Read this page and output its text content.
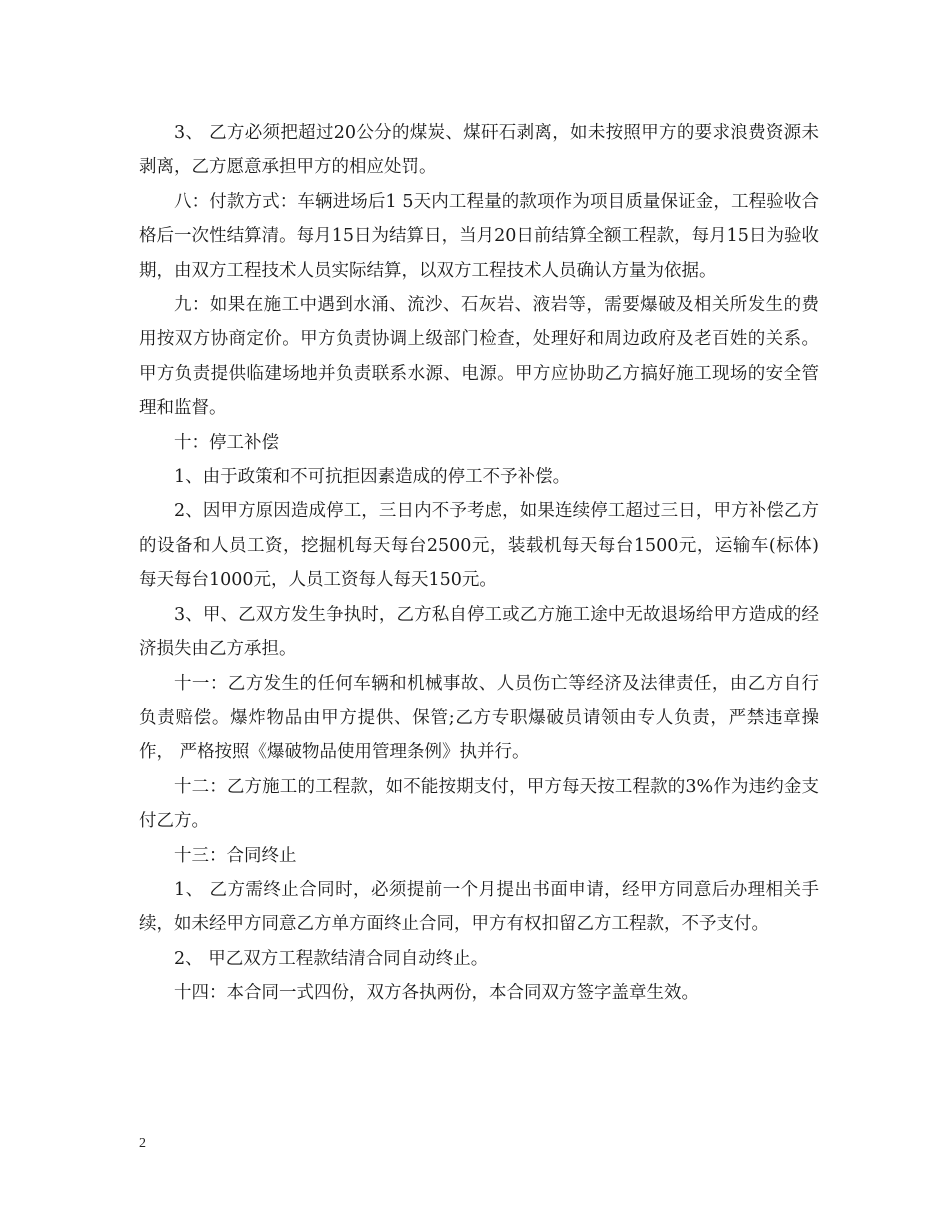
3、 乙方必须把超过20公分的煤炭、煤矸石剥离，如未按照甲方的要求浪费资源未剥离，乙方愿意承担甲方的相应处罚。

八：付款方式：车辆进场后1 5天内工程量的款项作为项目质量保证金，工程验收合格后一次性结算清。每月15日为结算日，当月20日前结算全额工程款，每月15日为验收期，由双方工程技术人员实际结算，以双方工程技术人员确认方量为依据。

九：如果在施工中遇到水涌、流沙、石灰岩、液岩等，需要爆破及相关所发生的费用按双方协商定价。甲方负责协调上级部门检查，处理好和周边政府及老百姓的关系。甲方负责提供临建场地并负责联系水源、电源。甲方应协助乙方搞好施工现场的安全管理和监督。

十：停工补偿

1、由于政策和不可抗拒因素造成的停工不予补偿。

2、因甲方原因造成停工，三日内不予考虑，如果连续停工超过三日，甲方补偿乙方的设备和人员工资，挖掘机每天每台2500元，装载机每天每台1500元，运输车(标体)每天每台1000元，人员工资每人每天150元。

3、甲、乙双方发生争执时，乙方私自停工或乙方施工途中无故退场给甲方造成的经济损失由乙方承担。

十一：乙方发生的任何车辆和机械事故、人员伤亡等经济及法律责任，由乙方自行负责赔偿。爆炸物品由甲方提供、保管;乙方专职爆破员请领由专人负责，严禁违章操作， 严格按照《爆破物品使用管理条例》执并行。

十二：乙方施工的工程款，如不能按期支付，甲方每天按工程款的3%作为违约金支付乙方。

十三：合同终止

1、 乙方需终止合同时，必须提前一个月提出书面申请，经甲方同意后办理相关手续，如未经甲方同意乙方单方面终止合同，甲方有权扣留乙方工程款，不予支付。

2、 甲乙双方工程款结清合同自动终止。

十四：本合同一式四份，双方各执两份，本合同双方签字盖章生效。

2
